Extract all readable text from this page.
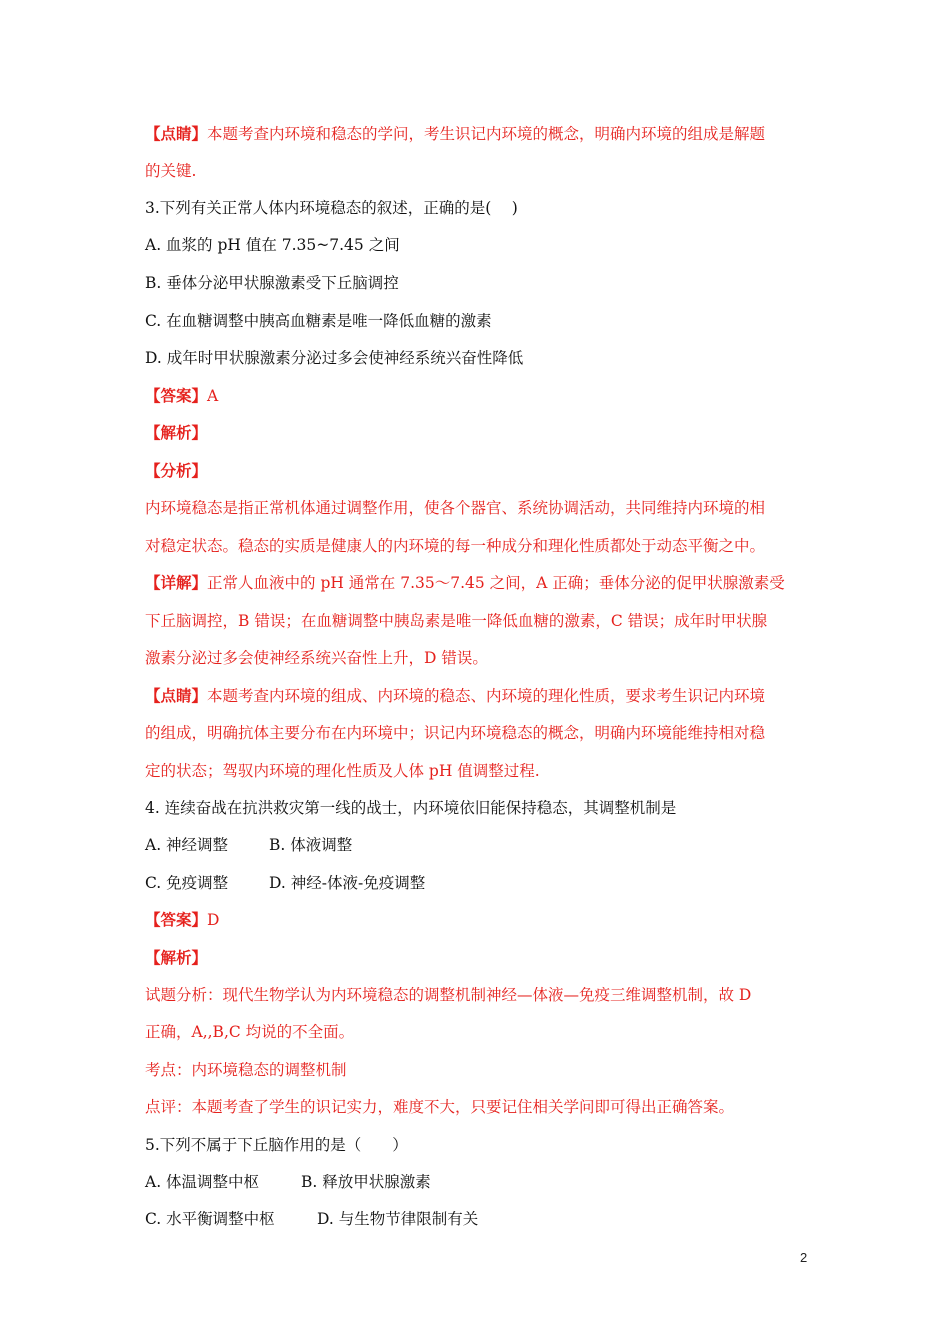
【点睛】本题考查内环境和稳态的学问，考生识记内环境的概念，明确内环境的组成是解题
的关键.
3.下列有关正常人体内环境稳态的叙述，正确的是(　 )
A. 血浆的 pH 值在 7.35~7.45 之间
B. 垂体分泌甲状腺激素受下丘脑调控
C. 在血糖调整中胰高血糖素是唯一降低血糖的激素
D. 成年时甲状腺激素分泌过多会使神经系统兴奋性降低
【答案】A
【解析】
【分析】
内环境稳态是指正常机体通过调整作用，使各个器官、系统协调活动，共同维持内环境的相
对稳定状态。稳态的实质是健康人的内环境的每一种成分和理化性质都处于动态平衡之中。
【详解】正常人血液中的 pH 通常在 7.35～7.45 之间，A 正确；垂体分泌的促甲状腺激素受
下丘脑调控，B 错误；在血糖调整中胰岛素是唯一降低血糖的激素，C 错误；成年时甲状腺
激素分泌过多会使神经系统兴奋性上升，D 错误。
【点睛】本题考查内环境的组成、内环境的稳态、内环境的理化性质，要求考生识记内环境
的组成，明确抗体主要分布在内环境中；识记内环境稳态的概念，明确内环境能维持相对稳
定的状态；驾驭内环境的理化性质及人体 pH 值调整过程.
4. 连续奋战在抗洪救灾第一线的战士，内环境依旧能保持稳态，其调整机制是
A. 神经调整	B. 体液调整
C. 免疫调整	D. 神经-体液-免疫调整
【答案】D
【解析】
试题分析：现代生物学认为内环境稳态的调整机制神经—体液—免疫三维调整机制，故 D
正确，A,,B,C 均说的不全面。
考点：内环境稳态的调整机制
点评：本题考查了学生的识记实力，难度不大，只要记住相关学问即可得出正确答案。
5.下列不属于下丘脑作用的是（　　）
A. 体温调整中枢	B. 释放甲状腺激素
C. 水平衡调整中枢	D. 与生物节律限制有关
2
